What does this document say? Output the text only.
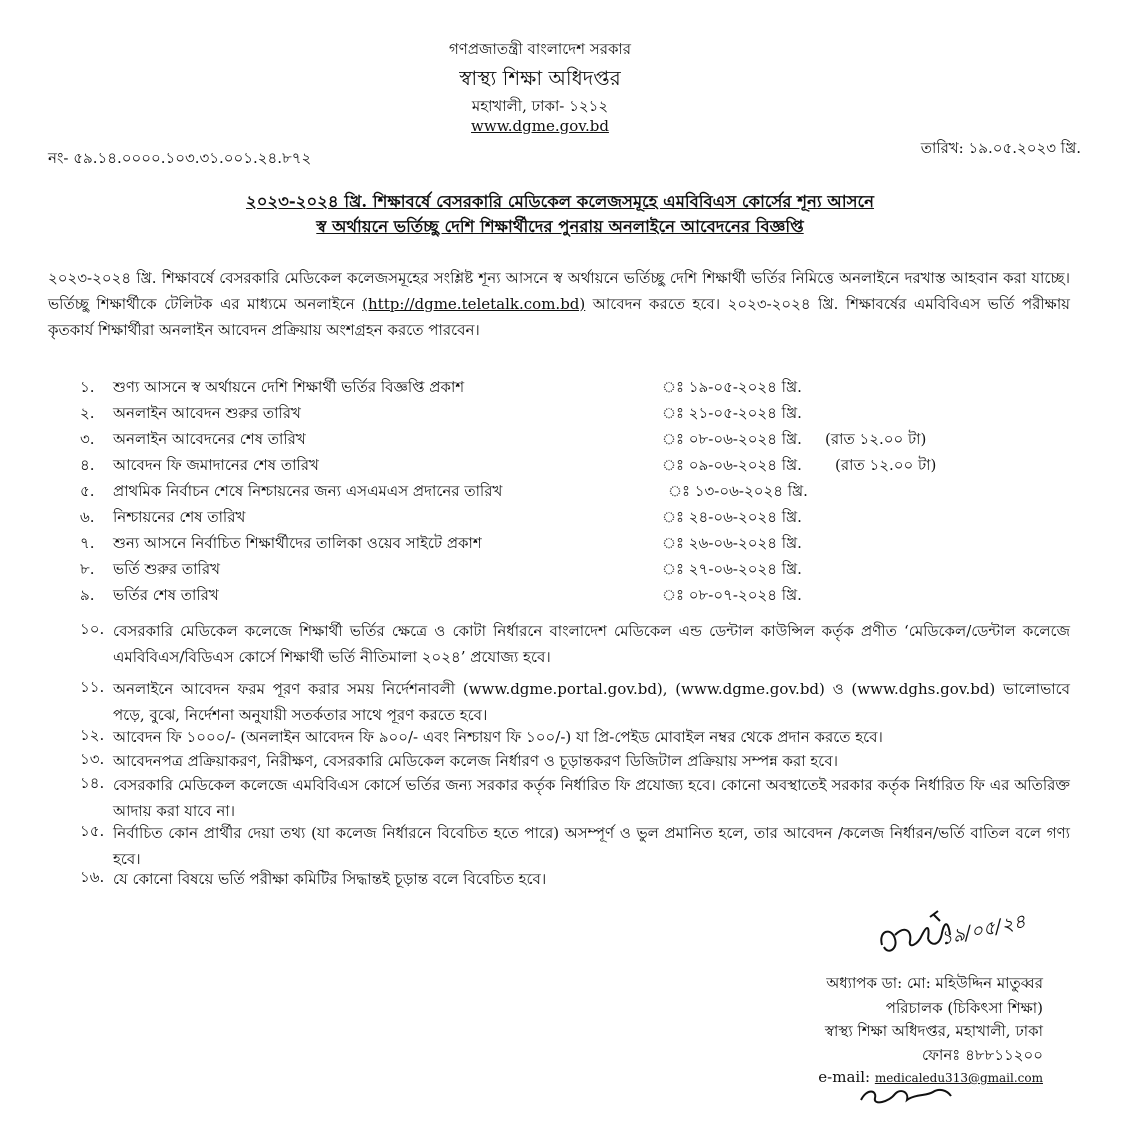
গণপ্রজাতন্ত্রী বাংলাদেশ সরকার
স্বাস্থ্য শিক্ষা অধিদপ্তর
মহাখালী, ঢাকা- ১২১২
www.dgme.gov.bd
নং- ৫৯.১৪.০০০০.১০৩.৩১.০০১.২৪.৮৭২
তারিখ: ১৯.০৫.২০২৩ খ্রি.
২০২৩-২০২৪ খ্রি. শিক্ষাবর্ষে বেসরকারি মেডিকেল কলেজসমূহে এমবিবিএস কোর্সের শূন্য আসনে
স্ব অর্থায়নে ভর্তিচ্ছু দেশি শিক্ষার্থীদের পুনরায় অনলাইনে আবেদনের বিজ্ঞপ্তি
২০২৩-২০২৪ খ্রি. শিক্ষাবর্ষে বেসরকারি মেডিকেল কলেজসমূহের সংশ্লিষ্ট শূন্য আসনে স্ব অর্থায়নে ভর্তিচ্ছু দেশি শিক্ষার্থী ভর্তির নিমিত্তে অনলাইনে দরখাস্ত আহবান করা যাচ্ছে। ভর্তিচ্ছু শিক্ষার্থীকে টেলিটক এর মাধ্যমে অনলাইনে (http://dgme.teletalk.com.bd) আবেদন করতে হবে। ২০২৩-২০২৪ খ্রি. শিক্ষাবর্ষের এমবিবিএস ভর্তি পরীক্ষায় কৃতকার্য শিক্ষার্থীরা অনলাইন আবেদন প্রক্রিয়ায় অংশগ্রহন করতে পারবেন।
১. শুণ্য আসনে স্ব অর্থায়নে দেশি শিক্ষার্থী ভর্তির বিজ্ঞপ্তি প্রকাশ	ঃ ১৯-০৫-২০২৪ খ্রি.
২. অনলাইন আবেদন শুরুর তারিখ	ঃ ২১-০৫-২০২৪ খ্রি.
৩. অনলাইন আবেদনের শেষ তারিখ	ঃ ০৮-০৬-২০২৪ খ্রি. (রাত ১২.০০ টা)
৪. আবেদন ফি জমাদানের শেষ তারিখ	ঃ ০৯-০৬-২০২৪ খ্রি. (রাত ১২.০০ টা)
৫. প্রাথমিক নির্বাচন শেষে নিশ্চায়নের জন্য এসএমএস প্রদানের তারিখ	ঃ ১৩-০৬-২০২৪ খ্রি.
৬. নিশ্চায়নের শেষ তারিখ	ঃ ২৪-০৬-২০২৪ খ্রি.
৭. শুন্য আসনে নির্বাচিত শিক্ষার্থীদের তালিকা ওয়েব সাইটে প্রকাশ	ঃ ২৬-০৬-২০২৪ খ্রি.
৮. ভর্তি শুরুর তারিখ	ঃ ২৭-০৬-২০২৪ খ্রি.
৯. ভর্তির শেষ তারিখ	ঃ ০৮-০৭-২০২৪ খ্রি.
১০. বেসরকারি মেডিকেল কলেজে শিক্ষার্থী ভর্তির ক্ষেত্রে ও কোটা নির্ধারনে বাংলাদেশ মেডিকেল এন্ড ডেন্টাল কাউন্সিল কর্তৃক প্রণীত ‘মেডিকেল/ডেন্টাল কলেজে এমবিবিএস/বিডিএস কোর্সে শিক্ষার্থী ভর্তি নীতিমালা ২০২৪’ প্রযোজ্য হবে।
১১. অনলাইনে আবেদন ফরম পূরণ করার সময় নির্দেশনাবলী (www.dgme.portal.gov.bd), (www.dgme.gov.bd) ও (www.dghs.gov.bd) ভালোভাবে পড়ে, বুঝে, নির্দেশনা অনুযায়ী সতর্কতার সাথে পূরণ করতে হবে।
১২. আবেদন ফি ১০০০/- (অনলাইন আবেদন ফি ৯০০/- এবং নিশ্চায়ণ ফি ১০০/-) যা প্রি-পেইড মোবাইল নম্বর থেকে প্রদান করতে হবে।
১৩. আবেদনপত্র প্রক্রিয়াকরণ, নিরীক্ষণ, বেসরকারি মেডিকেল কলেজ নির্ধারণ ও চূড়ান্তকরণ ডিজিটাল প্রক্রিয়ায় সম্পন্ন করা হবে।
১৪. বেসরকারি মেডিকেল কলেজে এমবিবিএস কোর্সে ভর্তির জন্য সরকার কর্তৃক নির্ধারিত ফি প্রযোজ্য হবে। কোনো অবস্থাতেই সরকার কর্তৃক নির্ধারিত ফি এর অতিরিক্ত আদায় করা যাবে না।
১৫. নির্বাচিত কোন প্রার্থীর দেয়া তথ্য (যা কলেজ নির্ধারনে বিবেচিত হতে পারে) অসম্পূর্ণ ও ভুল প্রমানিত হলে, তার আবেদন /কলেজ নির্ধারন/ভর্তি বাতিল বলে গণ্য হবে।
১৬. যে কোনো বিষয়ে ভর্তি পরীক্ষা কমিটির সিদ্ধান্তই চূড়ান্ত বলে বিবেচিত হবে।
১৯/০৫/২৪
অধ্যাপক ডা: মো: মহিউদ্দিন মাতুব্বর
পরিচালক (চিকিৎসা শিক্ষা)
স্বাস্থ্য শিক্ষা অধিদপ্তর, মহাখালী, ঢাকা
ফোনঃ ৪৮৮১১২০০
e-mail: medicaledu313@gmail.com
